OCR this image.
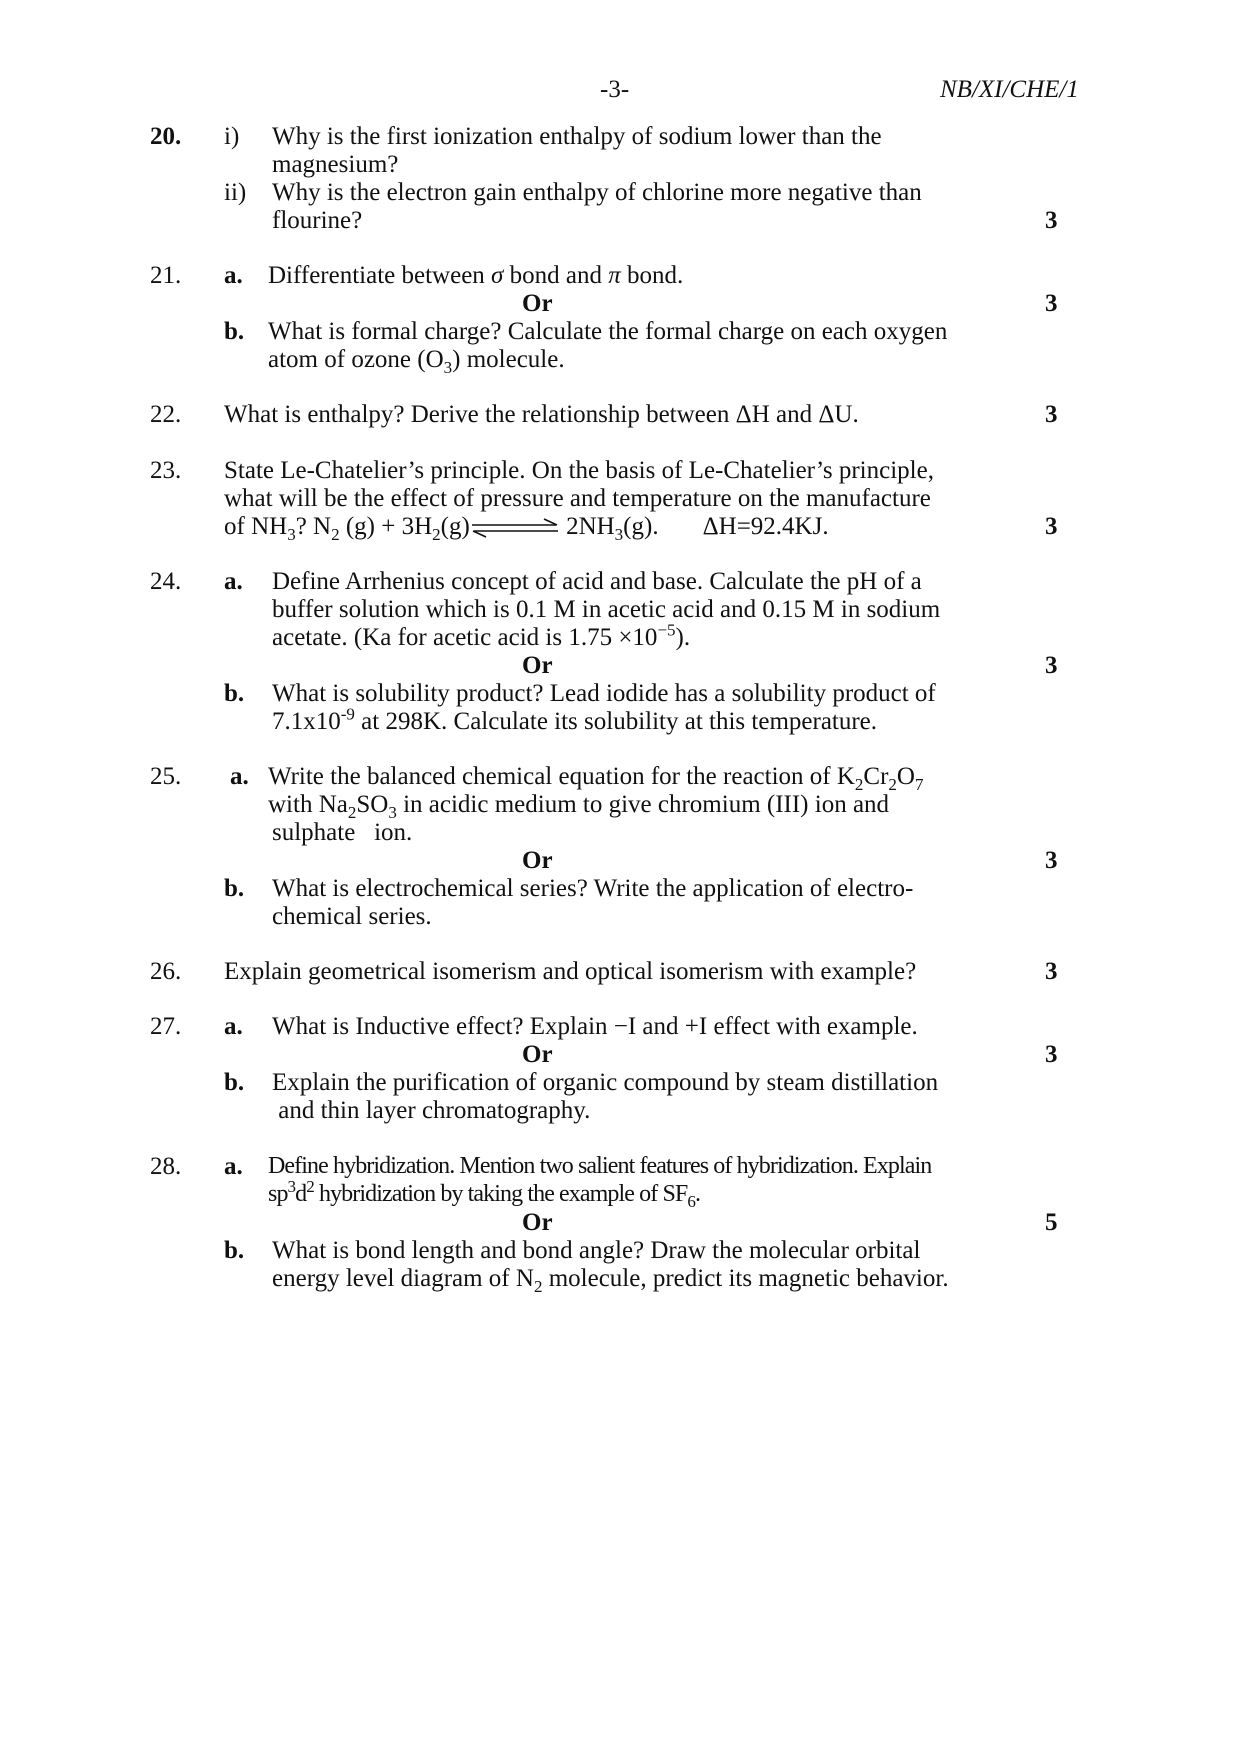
-3-	NB/XI/CHE/1
20. i) Why is the first ionization enthalpy of sodium lower than the
magnesium?
ii) Why is the electron gain enthalpy of chlorine more negative than
flourine?	3
21. a. Differentiate between σ bond and π bond.
Or	3
b. What is formal charge? Calculate the formal charge on each oxygen
atom of ozone $(O_3)$ molecule.
22. What is enthalpy? Derive the relationship between ΔH and ΔU.	3
23. State Le-Chatelier’s principle. On the basis of Le-Chatelier’s principle,
what will be the effect of pressure and temperature on the manufacture
of $NH_3$? $N_2$ $(g) + 3H_2(g)\rightleftharpoons$ $2NH_3(g)$. ΔH=92.4KJ.	3
24. a. Define Arrhenius concept of acid and base. Calculate the pH of a
buffer solution which is 0.1 M in acetic acid and 0.15 M in sodium
acetate. (Ka for acetic acid is $1.75 \times 10^{-5}$).
Or	3
b. What is solubility product? Lead iodide has a solubility product of
$7.1x10^{-9}$ at 298K. Calculate its solubility at this temperature.
25. a. Write the balanced chemical equation for the reaction of $K_2Cr_2O_7$
with $Na_2SO_3$ in acidic medium to give chromium (III) ion and
sulphate   ion.
Or	3
b. What is electrochemical series? Write the application of electro-
chemical series.
26. Explain geometrical isomerism and optical isomerism with example?	3
27. a. What is Inductive effect? Explain −I and +I effect with example.
Or	3
b. Explain the purification of organic compound by steam distillation
and thin layer chromatography.
28. a. Define hybridization. Mention two salient features of hybridization. Explain
$sp^3d^2$ hybridization by taking the example of $SF_6$.
Or	5
b. What is bond length and bond angle? Draw the molecular orbital
energy level diagram of $N_2$ molecule, predict its magnetic behavior.
